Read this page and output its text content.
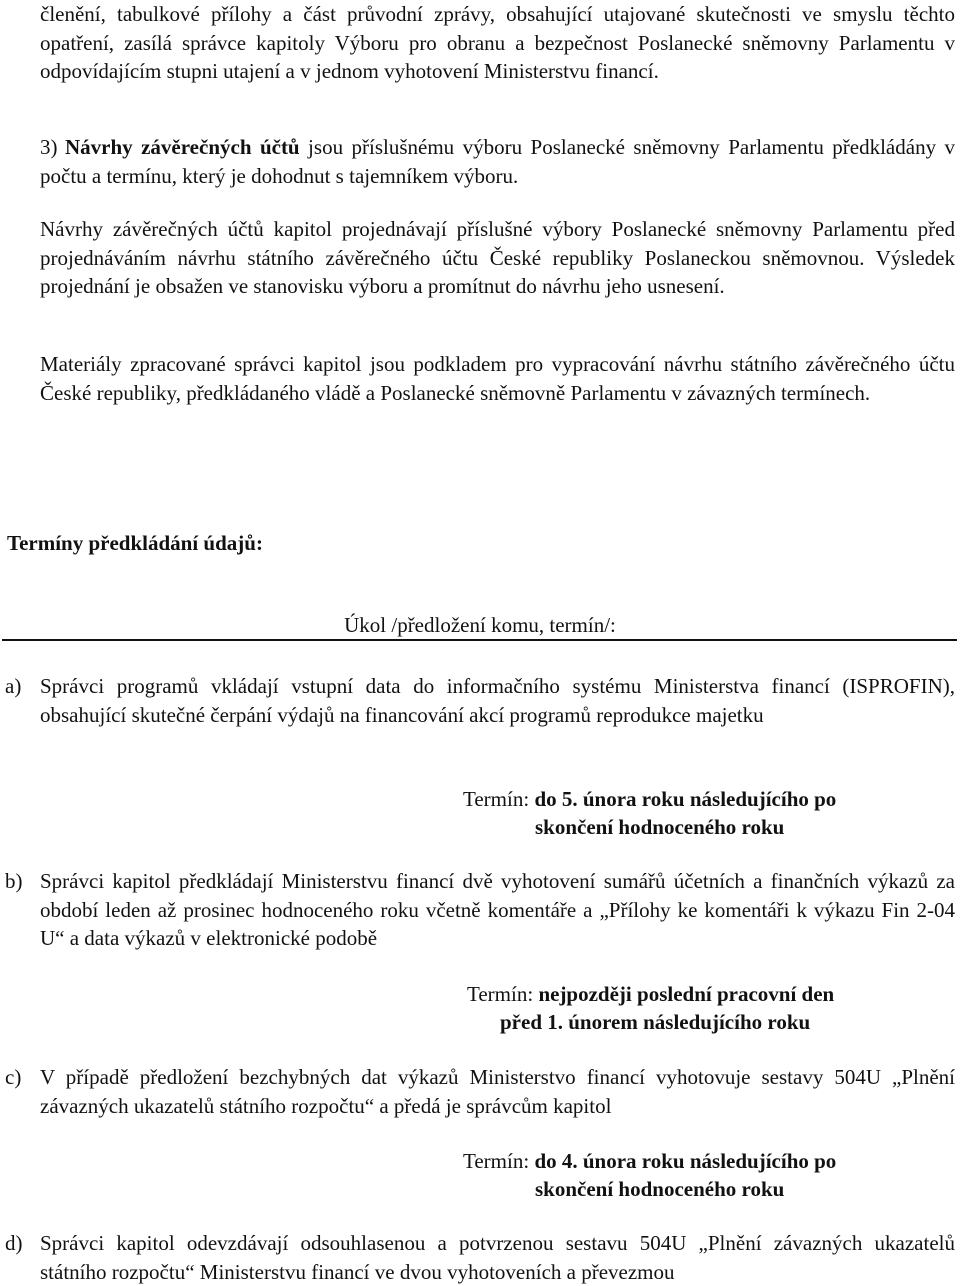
členění, tabulkové přílohy a část průvodní zprávy, obsahující utajované skutečnosti ve smyslu těchto opatření, zasílá správce kapitoly Výboru pro obranu a bezpečnost Poslanecké sněmovny Parlamentu v odpovídajícím stupni utajení a v jednom vyhotovení Ministerstvu financí.

3) Návrhy závěrečných účtů jsou příslušnému výboru Poslanecké sněmovny Parlamentu předkládány v počtu a termínu, který je dohodnut s tajemníkem výboru.

Návrhy závěrečných účtů kapitol projednávají příslušné výbory Poslanecké sněmovny Parlamentu před projednáváním návrhu státního závěrečného účtu České republiky Poslaneckou sněmovnou. Výsledek projednání je obsažen ve stanovisku výboru a promítnut do návrhu jeho usnesení.

Materiály zpracované správci kapitol jsou podkladem pro vypracování návrhu státního závěrečného účtu České republiky, předkládaného vládě a Poslanecké sněmovně Parlamentu v závazných termínech.

Termíny předkládání údajů:
Úkol /předložení komu, termín/:
a) Správci programů vkládají vstupní data do informačního systému Ministerstva financí (ISPROFIN), obsahující skutečné čerpání výdajů na financování akcí programů reprodukce majetku

Termín: do 5. února roku následujícího po
skončení hodnoceného roku
b) Správci kapitol předkládají Ministerstvu financí dvě vyhotovení sumářů účetních a finančních výkazů za období leden až prosinec hodnoceného roku včetně komentáře a „Přílohy ke komentáři k výkazu Fin 2-04 U“ a data výkazů v elektronické podobě

Termín: nejpozději poslední pracovní den
před 1. únorem následujícího roku
c) V případě předložení bezchybných dat výkazů Ministerstvo financí vyhotovuje sestavy 504U „Plnění závazných ukazatelů státního rozpočtu“ a předá je správcům kapitol

Termín: do 4. února roku následujícího po
skončení hodnoceného roku
d) Správci kapitol odevzdávají odsouhlasenou a potvrzenou sestavu 504U „Plnění závazných ukazatelů státního rozpočtu“ Ministerstvu financí ve dvou vyhotoveních a převezmou
